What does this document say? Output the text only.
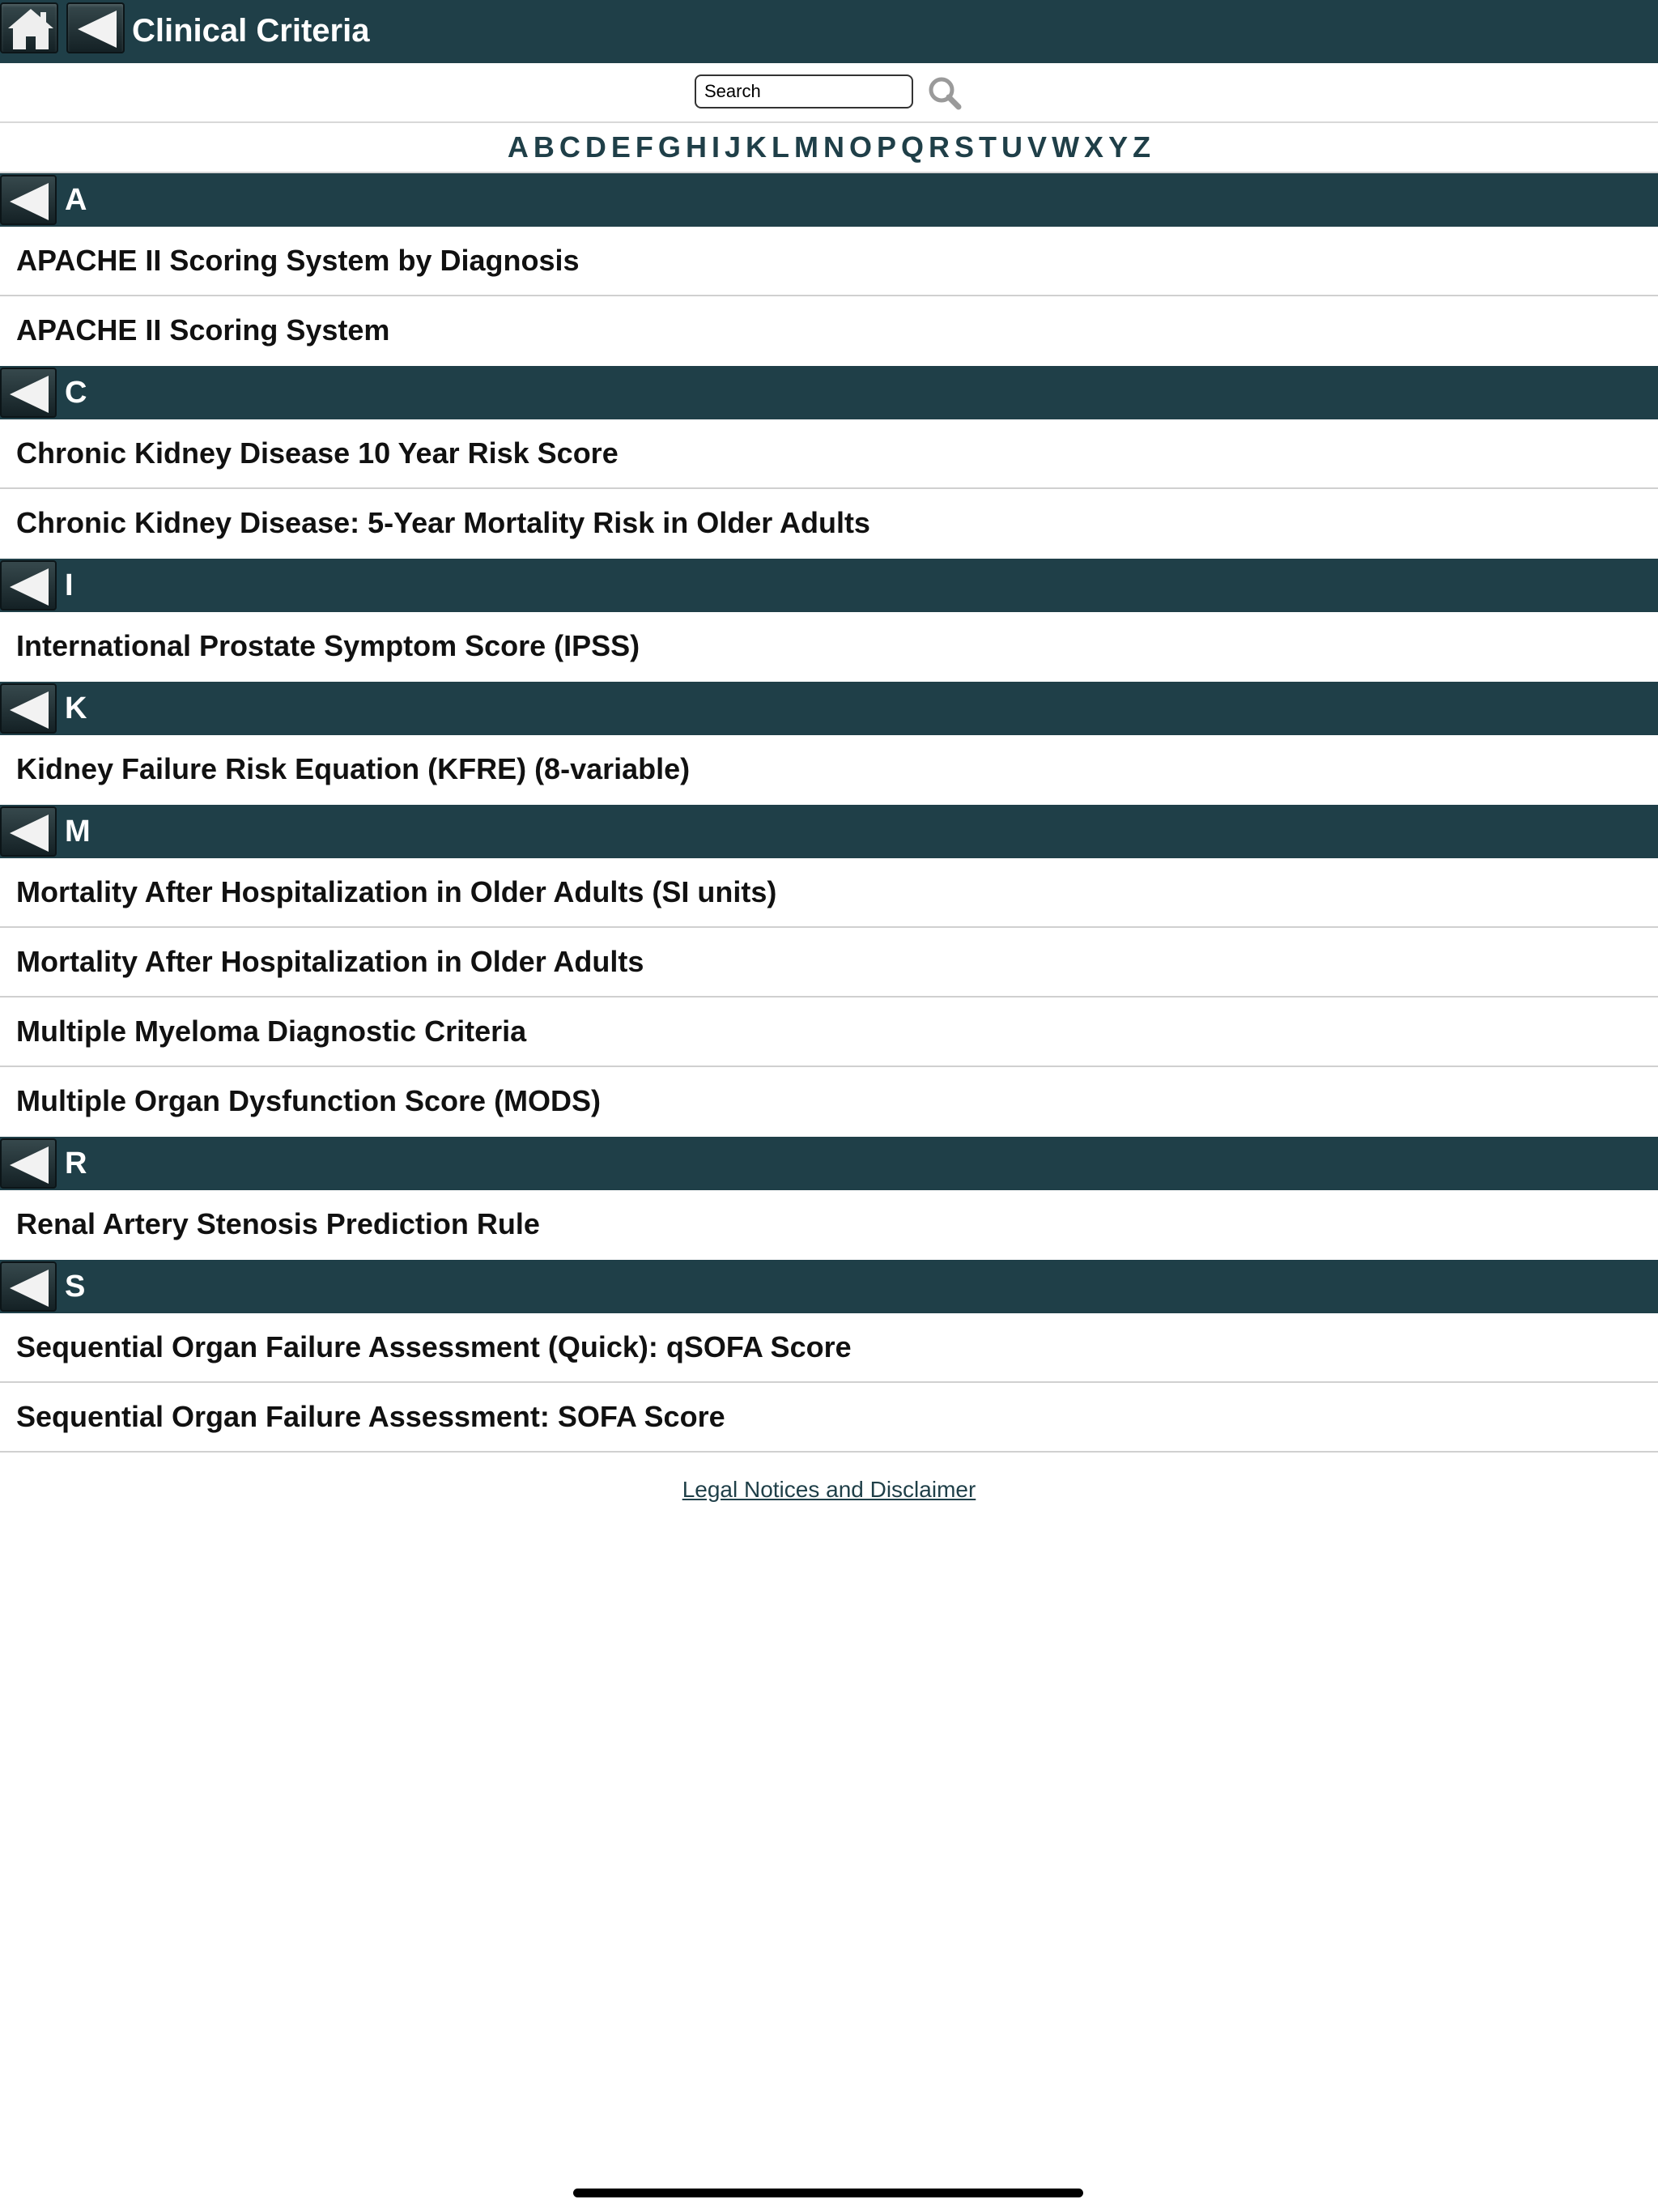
Clinical Criteria
Search
A B C D E F G H I J K L M N O P Q R S T U V W X Y Z
A
APACHE II Scoring System by Diagnosis
APACHE II Scoring System
C
Chronic Kidney Disease 10 Year Risk Score
Chronic Kidney Disease: 5-Year Mortality Risk in Older Adults
I
International Prostate Symptom Score (IPSS)
K
Kidney Failure Risk Equation (KFRE) (8-variable)
M
Mortality After Hospitalization in Older Adults (SI units)
Mortality After Hospitalization in Older Adults
Multiple Myeloma Diagnostic Criteria
Multiple Organ Dysfunction Score (MODS)
R
Renal Artery Stenosis Prediction Rule
S
Sequential Organ Failure Assessment (Quick): qSOFA Score
Sequential Organ Failure Assessment: SOFA Score
Legal Notices and Disclaimer
